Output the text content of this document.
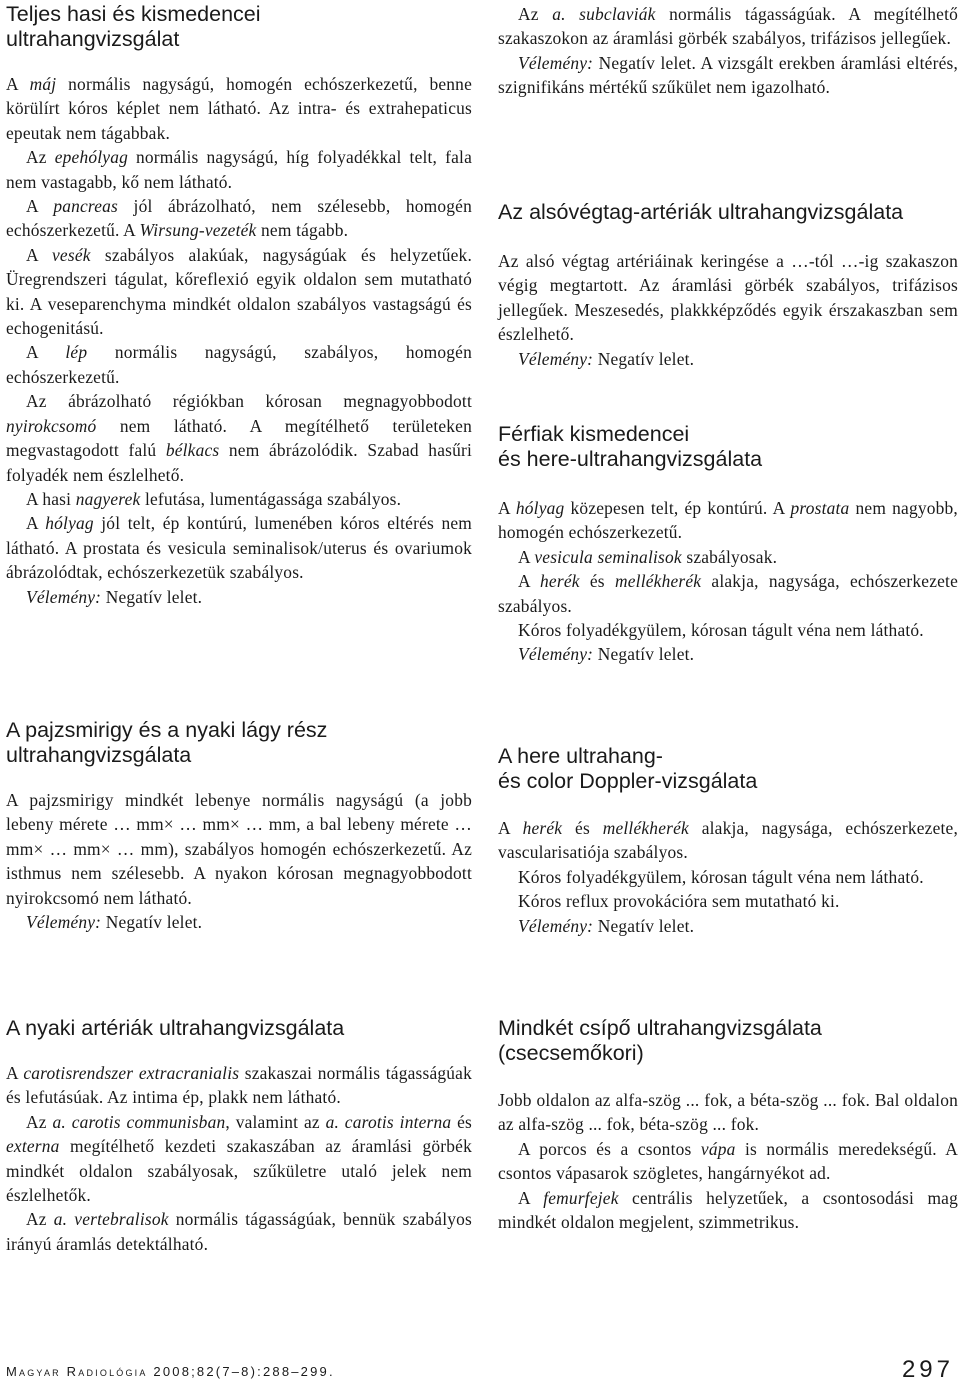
Teljes hasi és kismedencei
ultrahangvizsgálat

A máj normális nagyságú, homogén echószerkezetű, benne körülírt kóros képlet nem látható. Az intra- és extrahepaticus epeutak nem tágabbak.

Az epehólyag normális nagyságú, híg folyadékkal telt, fala nem vastagabb, kő nem látható.

A pancreas jól ábrázolható, nem szélesebb, homogén echószerkezetű. A Wirsung-vezeték nem tágabb.

A vesék szabályos alakúak, nagyságúak és helyzetűek. Üregrendszeri tágulat, kőreflexió egyik oldalon sem mutatható ki. A veseparenchyma mindkét oldalon szabályos vastagságú és echogenitású.

A lép normális nagyságú, szabályos, homogén echószerkezetű.

Az ábrázolható régiókban kórosan megnagyobbodott nyirokcsomó nem látható. A megítélhető területeken megvastagodott falú bélkacs nem ábrázolódik. Szabad hasűri folyadék nem észlelhető.

A hasi nagyerek lefutása, lumentágassága szabályos.

A hólyag jól telt, ép kontúrú, lumenében kóros eltérés nem látható. A prostata és vesicula seminalisok/uterus és ovariumok ábrázolódtak, echószerkezetük szabályos.

Vélemény: Negatív lelet.

A pajzsmirigy és a nyaki lágy rész
ultrahangvizsgálata

A pajzsmirigy mindkét lebenye normális nagyságú (a jobb lebeny mérete … mm× … mm× … mm, a bal lebeny mérete … mm× … mm× … mm), szabályos homogén echószerkezetű. Az isthmus nem szélesebb. A nyakon kórosan megnagyobbodott nyirokcsomó nem látható.

Vélemény: Negatív lelet.

A nyaki artériák ultrahangvizsgálata

A carotisrendszer extracranialis szakaszai normális tágasságúak és lefutásúak. Az intima ép, plakk nem látható.

Az a. carotis communisban, valamint az a. carotis interna és externa megítélhető kezdeti szakaszában az áramlási görbék mindkét oldalon szabályosak, szűkületre utaló jelek nem észlelhetők.

Az a. vertebralisok normális tágasságúak, bennük szabályos irányú áramlás detektálható.

Az a. subclaviák normális tágasságúak. A megítélhető szakaszokon az áramlási görbék szabályos, trifázisos jellegűek.

Vélemény: Negatív lelet. A vizsgált erekben áramlási eltérés, szignifikáns mértékű szűkület nem igazolható.

Az alsóvégtag-artériák ultrahangvizsgálata

Az alsó végtag artériáinak keringése a …-tól …-ig szakaszon végig megtartott. Az áramlási görbék szabályos, trifázisos jellegűek. Meszesedés, plakkképződés egyik érszakaszban sem észlelhető.

Vélemény: Negatív lelet.

Férfiak kismedencei
és here-ultrahangvizsgálata

A hólyag közepesen telt, ép kontúrú. A prostata nem nagyobb, homogén echószerkezetű.

A vesicula seminalisok szabályosak.

A herék és mellékherék alakja, nagysága, echószerkezete szabályos.

Kóros folyadékgyülem, kórosan tágult véna nem látható.

Vélemény: Negatív lelet.

A here ultrahang-
és color Doppler-vizsgálata

A herék és mellékherék alakja, nagysága, echószerkezete, vascularisatiója szabályos.

Kóros folyadékgyülem, kórosan tágult véna nem látható.

Kóros reflux provokációra sem mutatható ki.

Vélemény: Negatív lelet.

Mindkét csípő ultrahangvizsgálata
(csecsemőkori)

Jobb oldalon az alfa-szög ... fok, a béta-szög ... fok. Bal oldalon az alfa-szög ... fok, béta-szög ... fok.

A porcos és a csontos vápa is normális meredekségű. A csontos vápasarok szögletes, hangárnyékot ad.

A femurfejek centrális helyzetűek, a csontosodási mag mindkét oldalon megjelent, szimmetrikus.

Magyar Radiológia 2008;82(7–8):288–299.	297
